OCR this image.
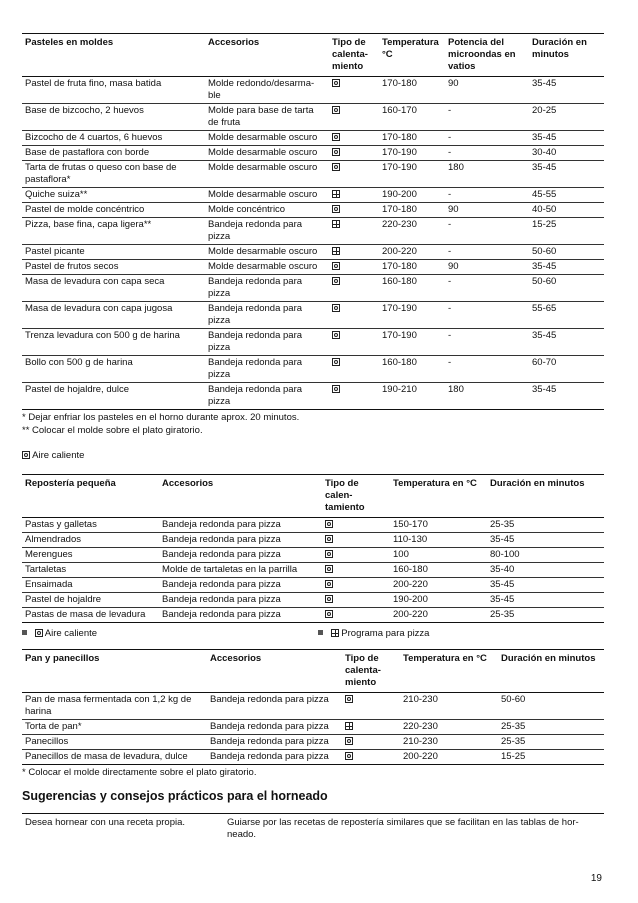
Pasteles en moldes	Accesorios	Tipo de calenta-miento	Temperatura °C	Potencia del microondas en vatios	Duración en minutos
Pastel de fruta fino, masa batida	Molde redondo/desarma-ble		170-180	90	35-45
Base de bizcocho, 2 huevos	Molde para base de tarta de fruta		160-170	-	20-25
Bizcocho de 4 cuartos, 6 huevos	Molde desarmable oscuro		170-180	-	35-45
Base de pastaflora con borde	Molde desarmable oscuro		170-190	-	30-40
Tarta de frutas o queso con base de pastaflora*	Molde desarmable oscuro		170-190	180	35-45
Quiche suiza**	Molde desarmable oscuro		190-200	-	45-55
Pastel de molde concéntrico	Molde concéntrico		170-180	90	40-50
Pizza, base fina, capa ligera**	Bandeja redonda para pizza		220-230	-	15-25
Pastel picante	Molde desarmable oscuro		200-220	-	50-60
Pastel de frutos secos	Molde desarmable oscuro		170-180	90	35-45
Masa de levadura con capa seca	Bandeja redonda para pizza		160-180	-	50-60
Masa de levadura con capa jugosa	Bandeja redonda para pizza		170-190	-	55-65
Trenza levadura con 500 g de harina	Bandeja redonda para pizza		170-190	-	35-45
Bollo con 500 g de harina	Bandeja redonda para pizza		160-180	-	60-70
Pastel de hojaldre, dulce	Bandeja redonda para pizza		190-210	180	35-45
* Dejar enfriar los pasteles en el horno durante aprox. 20 minutos.
** Colocar el molde sobre el plato giratorio.
Aire caliente
Repostería pequeña	Accesorios	Tipo de calen-tamiento	Temperatura en °C	Duración en minutos
Pastas y galletas	Bandeja redonda para pizza		150-170	25-35
Almendrados	Bandeja redonda para pizza		110-130	35-45
Merengues	Bandeja redonda para pizza		100	80-100
Tartaletas	Molde de tartaletas en la parrilla		160-180	35-40
Ensaimada	Bandeja redonda para pizza		200-220	35-45
Pastel de hojaldre	Bandeja redonda para pizza		190-200	35-45
Pastas de masa de levadura	Bandeja redonda para pizza		200-220	25-35
Aire caliente	Programa para pizza
Pan y panecillos	Accesorios	Tipo de calenta-miento	Temperatura en °C	Duración en minutos
Pan de masa fermentada con 1,2 kg de harina	Bandeja redonda para pizza		210-230	50-60
Torta de pan*	Bandeja redonda para pizza		220-230	25-35
Panecillos	Bandeja redonda para pizza		210-230	25-35
Panecillos de masa de levadura, dulce	Bandeja redonda para pizza		200-220	15-25
* Colocar el molde directamente sobre el plato giratorio.
Sugerencias y consejos prácticos para el horneado
Desea hornear con una receta propia.	Guiarse por las recetas de repostería similares que se facilitan en las tablas de hor-neado.
19
